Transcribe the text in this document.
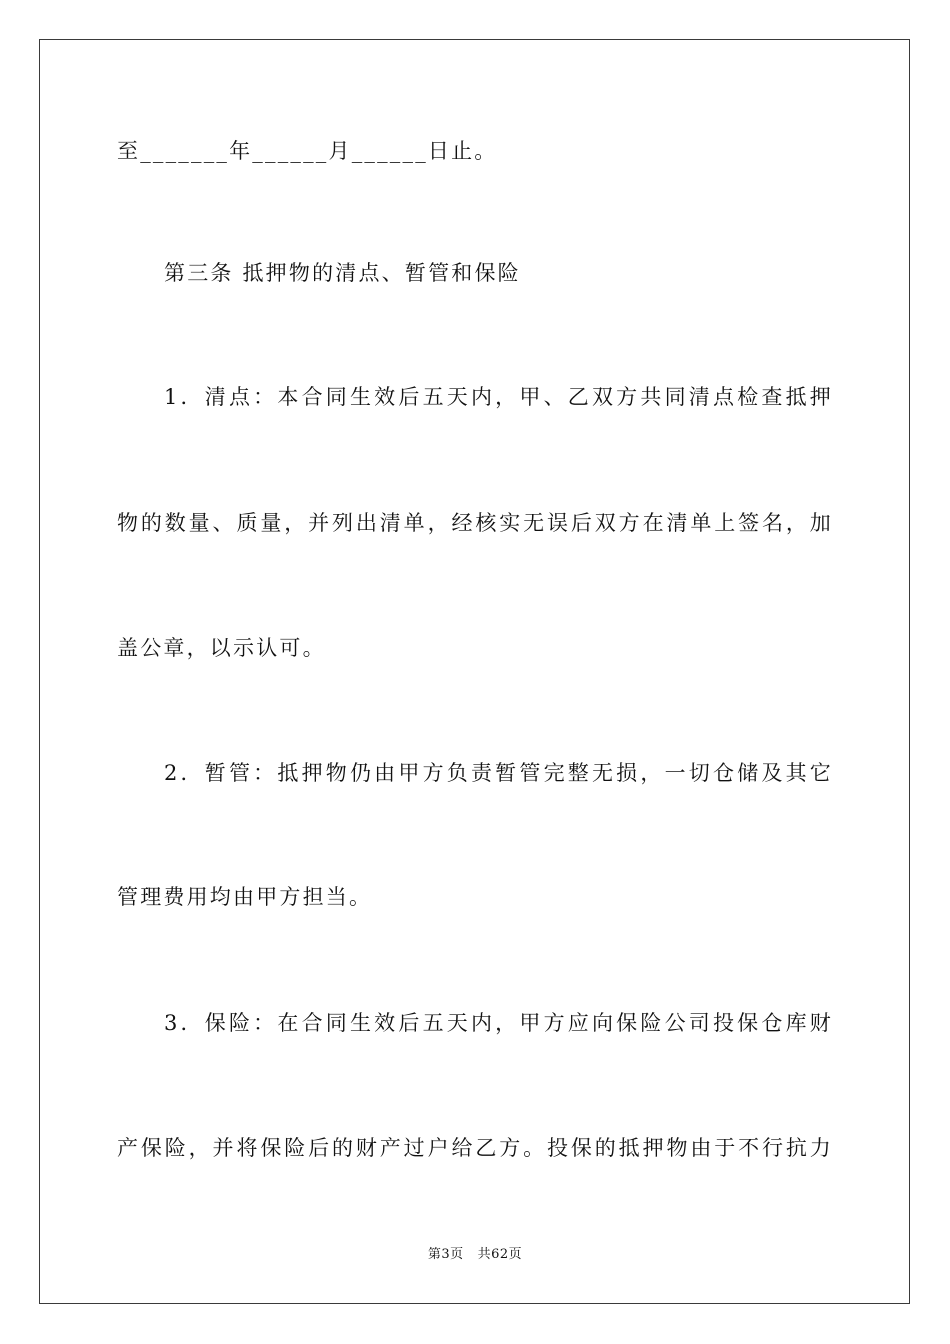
至_______年______月______日止。
第三条 抵押物的清点、暂管和保险
1．清点：本合同生效后五天内，甲、乙双方共同清点检查抵押
物的数量、质量，并列出清单，经核实无误后双方在清单上签名，加
盖公章，以示认可。
2．暂管：抵押物仍由甲方负责暂管完整无损，一切仓储及其它
管理费用均由甲方担当。
3．保险：在合同生效后五天内，甲方应向保险公司投保仓库财
产保险，并将保险后的财产过户给乙方。投保的抵押物由于不行抗力
第3页 共62页
